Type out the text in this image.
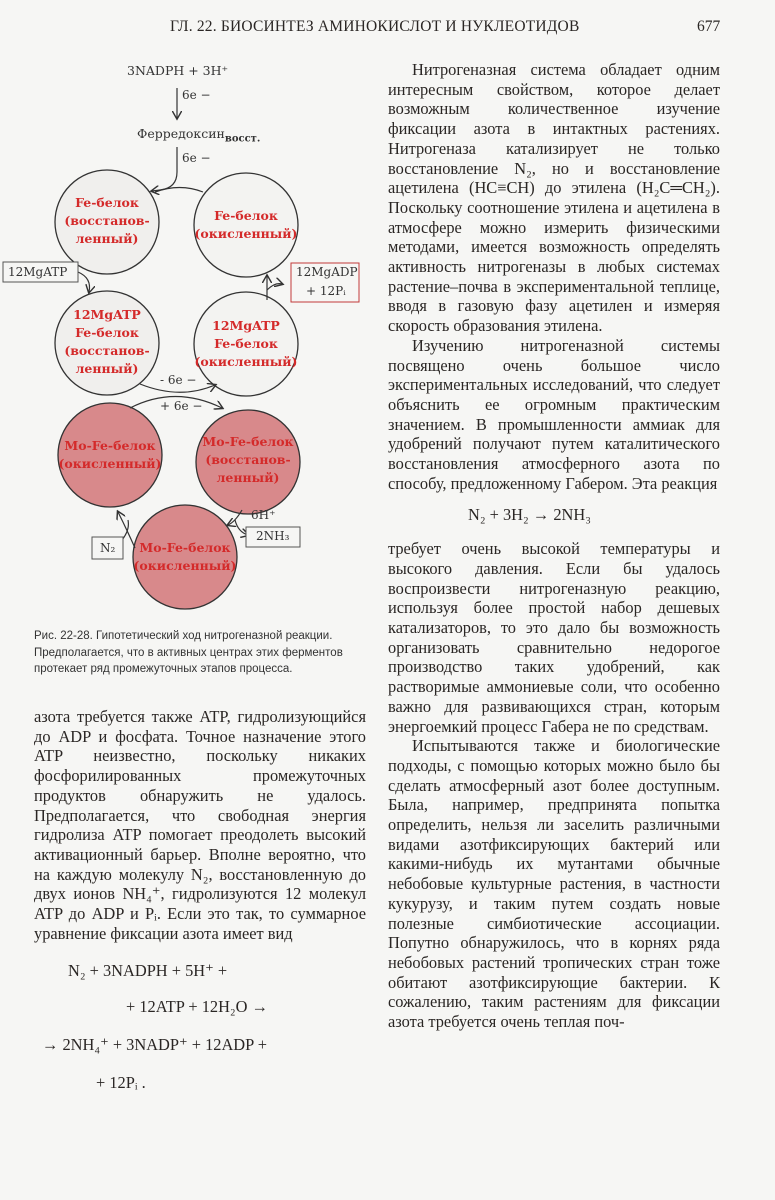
ГЛ. 22. БИОСИНТЕЗ АМИНОКИСЛОТ И НУКЛЕОТИДОВ	677
3NADPH + 3H⁺
6e −
Ферредоксин$_{восст.}$
6e −
Fe-белок
(восстанов-
ленный)
Fe-белок
(окисленный)
12MgATP
Fe-белок
(восстанов-
ленный)
12MgATP
Fe-белок
(окисленный)
Mo-Fe-белок
(окисленный)
Mo-Fe-белок
(восстанов-
ленный)
Mo-Fe-белок
(окисленный)
12MgATP	12MgADP
+ 12Pᵢ
- 6e −
+ 6e −
6H⁺
N₂
2NH₃
Рис. 22-28. Гипотетический ход нитрогеназной реакции. Предполагается, что в активных центрах этих ферментов протекает ряд промежуточных этапов процесса.

азота требуется также ATP, гидролизующийся до ADP и фосфата. Точное назначение этого ATP неизвестно, поскольку никаких фосфорилированных промежуточных продуктов обнаружить не удалось. Предполагается, что свободная энергия гидролиза ATP помогает преодолеть высокий активационный барьер. Вполне вероятно, что на каждую молекулу N₂, восстановленную до двух ионов NH₄⁺, гидролизуются 12 молекул ATP до ADP и Pᵢ. Если это так, то суммарное уравнение фиксации азота имеет вид

N₂ + 3NADPH + 5H⁺ +
+ 12ATP + 12H₂O →
→ 2NH₄⁺ + 3NADP⁺ + 12ADP +
+ 12Pᵢ .

Нитрогеназная система обладает одним интересным свойством, которое делает возможным количественное изучение фиксации азота в интактных растениях. Нитрогеназа катализирует не только восстановление N₂, но и восстановление ацетилена (HC≡CH) до этилена (H₂C═CH₂). Поскольку соотношение этилена и ацетилена в атмосфере можно измерить физическими методами, имеется возможность определять активность нитрогеназы в любых системах растение–почва в экспериментальной теплице, вводя в газовую фазу ацетилен и измеряя скорость образования этилена.

Изучению нитрогеназной системы посвящено очень большое число экспериментальных исследований, что следует объяснить ее огромным практическим значением. В промышленности аммиак для удобрений получают путем каталитического восстановления атмосферного азота по способу, предложенному Габером. Эта реакция

N₂ + 3H₂ → 2NH₃

требует очень высокой температуры и высокого давления. Если бы удалось воспроизвести нитрогеназную реакцию, используя более простой набор дешевых катализаторов, то это дало бы возможность организовать сравнительно недорогое производство таких удобрений, как растворимые аммониевые соли, что особенно важно для развивающихся стран, которым энергоемкий процесс Габера не по средствам.

Испытываются также и биологические подходы, с помощью которых можно было бы сделать атмосферный азот более доступным. Была, например, предпринята попытка определить, нельзя ли заселить различными видами азотфиксирующих бактерий или какими-нибудь их мутантами обычные небобовые культурные растения, в частности кукурузу, и таким путем создать новые полезные симбиотические ассоциации. Попутно обнаружилось, что в корнях ряда небобовых растений тропических стран тоже обитают азотфиксирующие бактерии. К сожалению, таким растениям для фиксации азота требуется очень теплая поч-
